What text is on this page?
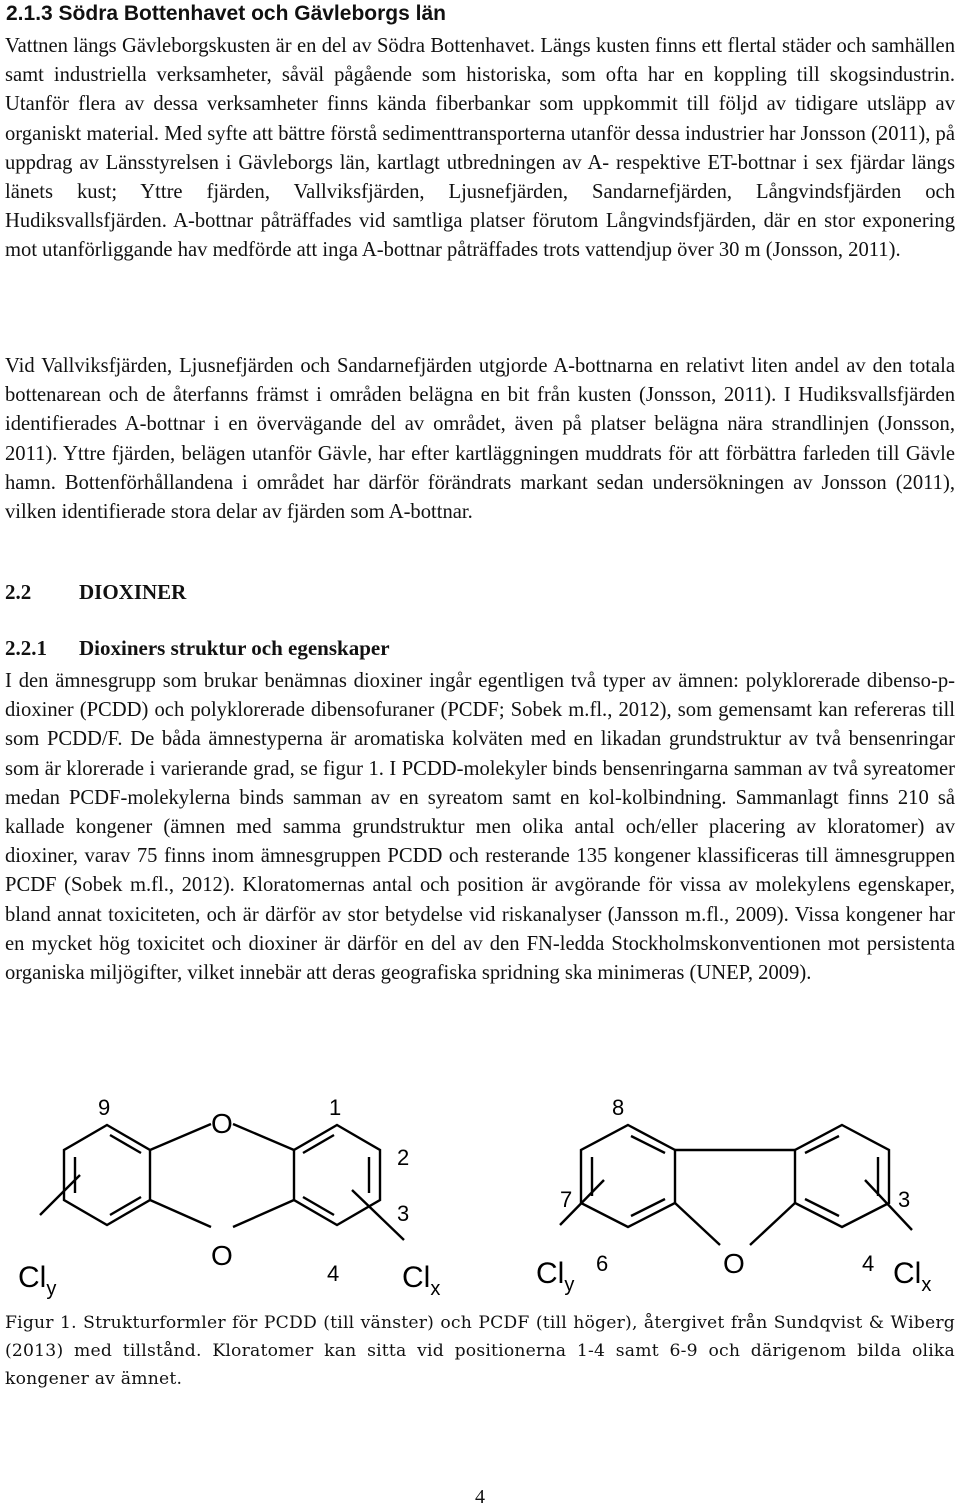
2.1.3 Södra Bottenhavet och Gävleborgs län

Vattnen längs Gävleborgskusten är en del av Södra Bottenhavet. Längs kusten finns ett flertal städer och samhällen samt industriella verksamheter, såväl pågående som historiska, som ofta har en koppling till skogsindustrin. Utanför flera av dessa verksamheter finns kända fiberbankar som uppkommit till följd av tidigare utsläpp av organiskt material. Med syfte att bättre förstå sedimenttransporterna utanför dessa industrier har Jonsson (2011), på uppdrag av Länsstyrelsen i Gävleborgs län, kartlagt utbredningen av A- respektive ET-bottnar i sex fjärdar längs länets kust; Yttre fjärden, Vallviksfjärden, Ljusnefjärden, Sandarnefjärden, Långvindsfjärden och Hudiksvallsfjärden. A-bottnar påträffades vid samtliga platser förutom Långvindsfjärden, där en stor exponering mot utanförliggande hav medförde att inga A-bottnar påträffades trots vattendjup över 30 m (Jonsson, 2011).

Vid Vallviksfjärden, Ljusnefjärden och Sandarnefjärden utgjorde A-bottnarna en relativt liten andel av den totala bottenarean och de återfanns främst i områden belägna en bit från kusten (Jonsson, 2011). I Hudiksvallsfjärden identifierades A-bottnar i en övervägande del av området, även på platser belägna nära strandlinjen (Jonsson, 2011). Yttre fjärden, belägen utanför Gävle, har efter kartläggningen muddrats för att förbättra farleden till Gävle hamn. Bottenförhållandena i området har därför förändrats markant sedan undersökningen av Jonsson (2011), vilken identifierade stora delar av fjärden som A-bottnar.

2.2 DIOXINER
2.2.1 Dioxiners struktur och egenskaper

I den ämnesgrupp som brukar benämnas dioxiner ingår egentligen två typer av ämnen: polyklorerade dibenso-p-dioxiner (PCDD) och polyklorerade dibensofuraner (PCDF; Sobek m.fl., 2012), som gemensamt kan refereras till som PCDD/F. De båda ämnestyperna är aromatiska kolväten med en likadan grundstruktur av två bensenringar som är klorerade i varierande grad, se figur 1. I PCDD-molekyler binds bensenringarna samman av två syreatomer medan PCDF-molekylerna binds samman av en syreatom samt en kol-kolbindning. Sammanlagt finns 210 så kallade kongener (ämnen med samma grundstruktur men olika antal och/eller placering av kloratomer) av dioxiner, varav 75 finns inom ämnesgruppen PCDD och resterande 135 kongener klassificeras till ämnesgruppen PCDF (Sobek m.fl., 2012). Kloratomernas antal och position är avgörande för vissa av molekylens egenskaper, bland annat toxiciteten, och är därför av stor betydelse vid riskanalyser (Jansson m.fl., 2009). Vissa kongener har en mycket hög toxicitet och dioxiner är därför en del av den FN-ledda Stockholmskonventionen mot persistenta organiska miljögifter, vilket innebär att deras geografiska spridning ska minimeras (UNEP, 2009).

9	1
2
3
4
O
O
$Cl_y$	$Cl_x$
8
7
6	4
3
O
$Cl_y$	$Cl_x$

Figur 1. Strukturformler för PCDD (till vänster) och PCDF (till höger), återgivet från Sundqvist & Wiberg (2013) med tillstånd. Kloratomer kan sitta vid positionerna 1-4 samt 6-9 och därigenom bilda olika kongener av ämnet.

4
